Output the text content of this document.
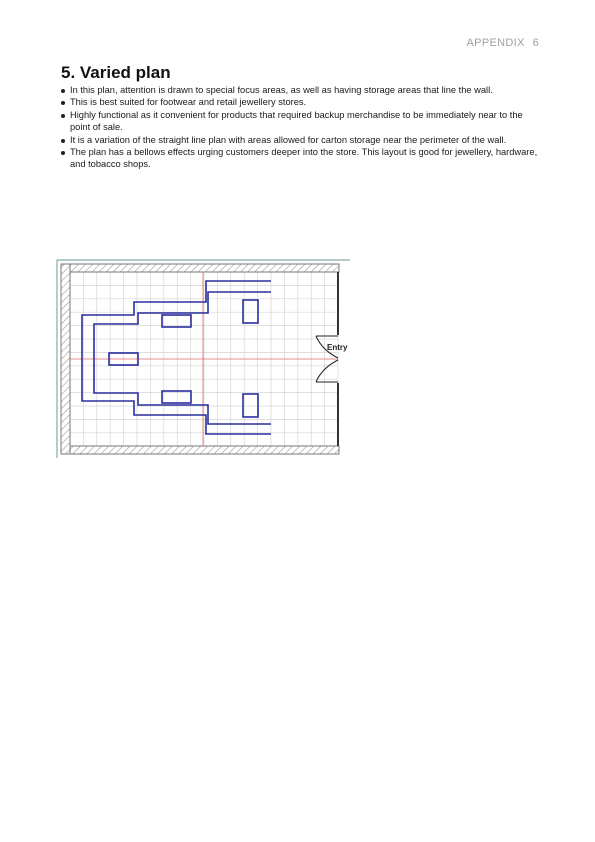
APPENDIX 6
5. Varied plan
In this plan, attention is drawn to special focus areas, as well as having storage areas that line the wall.
This is best suited for footwear and retail jewellery stores.
Highly functional as it convenient for products that required backup merchandise to be immediately near to the point of sale.
It is a variation of the straight line plan with areas allowed for carton storage near the perimeter of the wall.
The plan has a bellows effects urging customers deeper into the store. This layout is good for jewellery, hardware, and tobacco shops.
Entry
